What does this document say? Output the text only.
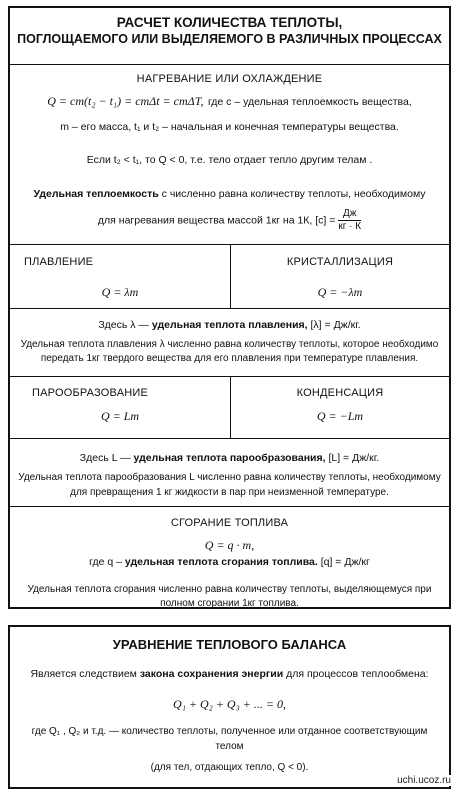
РАСЧЕТ КОЛИЧЕСТВА ТЕПЛОТЫ,
ПОГЛОЩАЕМОГО ИЛИ ВЫДЕЛЯЕМОГО В РАЗЛИЧНЫХ ПРОЦЕССАХ
НАГРЕВАНИЕ ИЛИ ОХЛАЖДЕНИЕ
Q = cm(t₂ − t₁) = cmΔt = cmΔT, где c – удельная теплоемкость вещества,
m – его масса, t₁ и t₂ – начальная и конечная температуры вещества.
Если t₂ < t₁, то Q < 0, т.е. тело отдает тепло другим телам .
Удельная теплоемкость c численно равна количеству теплоты, необходимому
для нагревания вещества массой 1кг на 1К, [c] =
Дж
кг · К
ПЛАВЛЕНИЕ
Q = λm
КРИСТАЛЛИЗАЦИЯ
Q = −λm
Здесь λ — удельная теплота плавления, [λ] = Дж/кг.
Удельная теплота плавления λ численно равна количеству теплоты, которое необходимо
передать 1кг твердого вещества для его плавления при температуре плавления.
ПАРООБРАЗОВАНИЕ
Q = Lm
КОНДЕНСАЦИЯ
Q = −Lm
Здесь L — удельная теплота парообразования, [L] = Дж/кг.
Удельная теплота парообразования L численно равна количеству теплоты, необходимому
для превращения 1 кг жидкости в пар при неизменной температуре.
СГОРАНИЕ ТОПЛИВА
Q = q · m,
где q – удельная теплота сгорания топлива. [q] = Дж/кг
Удельная теплота сгорания численно равна количеству теплоты, выделяющемуся при
полном сгорании 1кг топлива.
УРАВНЕНИЕ ТЕПЛОВОГО БАЛАНСА
Является следствием закона сохранения энергии для процессов теплообмена:
Q₁ + Q₂ + Q₃ + ... = 0,
где Q₁ , Q₂ и т.д. — количество теплоты, полученное или отданное соответствующим
телом
(для тел, отдающих тепло, Q < 0).
uchi.ucoz.ru
